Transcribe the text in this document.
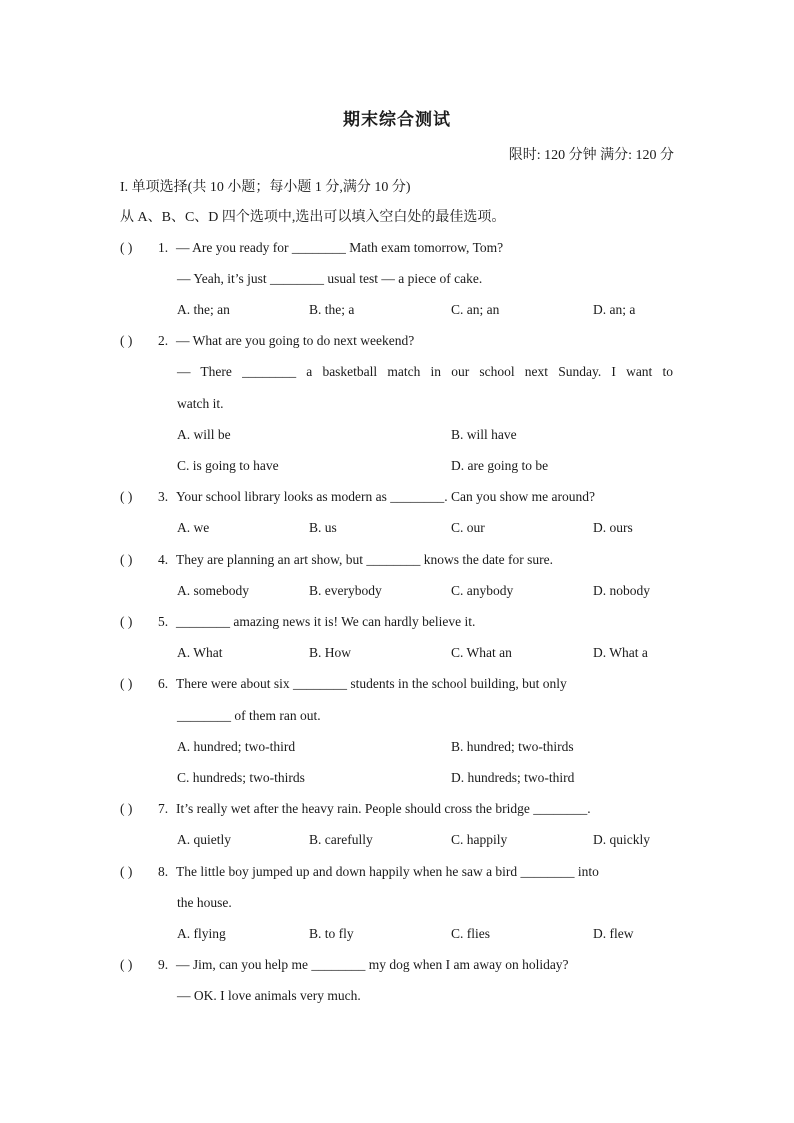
期末综合测试
限时: 120 分钟 满分: 120 分
I. 单项选择(共 10 小题；每小题 1 分,满分 10 分)
从 A、B、C、D 四个选项中,选出可以填入空白处的最佳选项。
( ) 1. — Are you ready for ________ Math exam tomorrow, Tom?
— Yeah, it’s just ________ usual test — a piece of cake.
A. the; an	B. the; a	C. an; an	D. an; a
( ) 2. — What are you going to do next weekend?
— There ________ a basketball match in our school next Sunday. I want to
watch it.
A. will be	B. will have
C. is going to have	D. are going to be
( ) 3. Your school library looks as modern as ________. Can you show me around?
A. we	B. us	C. our	D. ours
( ) 4. They are planning an art show, but ________ knows the date for sure.
A. somebody	B. everybody	C. anybody	D. nobody
( ) 5. ________ amazing news it is! We can hardly believe it.
A. What	B. How	C. What an	D. What a
( ) 6. There were about six ________ students in the school building, but only
________ of them ran out.
A. hundred; two-third	B. hundred; two-thirds
C. hundreds; two-thirds	D. hundreds; two-third
( ) 7. It’s really wet after the heavy rain. People should cross the bridge ________.
A. quietly	B. carefully	C. happily	D. quickly
( ) 8. The little boy jumped up and down happily when he saw a bird ________ into
the house.
A. flying	B. to fly	C. flies	D. flew
( ) 9. — Jim, can you help me ________ my dog when I am away on holiday?
— OK. I love animals very much.
